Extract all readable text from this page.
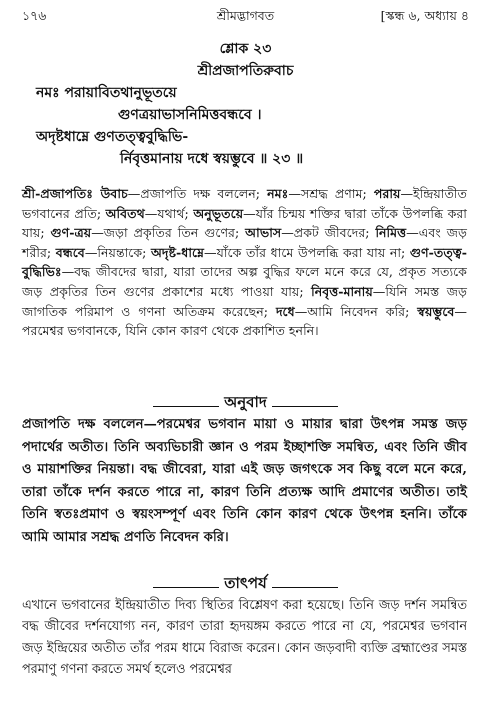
১৭৬	শ্রীমদ্ভাগবত	[স্কন্ধ ৬, অধ্যায় ৪
শ্লোক ২৩
শ্রীপ্রজাপতিরুবাচ
নমঃ পরায়াবিতথানুভূতয়ে
গুণত্রয়াভাসনিমিত্তবন্ধবে ।
অদৃষ্টধাম্নে গুণতত্ত্ববুদ্ধিভি-
র্নিবৃত্তমানায় দধে স্বয়ম্ভুবে ॥ ২৩ ॥
শ্রী-প্রজাপতিঃ উবাচ—প্রজাপতি দক্ষ বললেন; নমঃ—সশ্রদ্ধ প্রণাম; পরায়—ইন্দ্রিয়াতীত ভগবানের প্রতি; অবিতথ—যথার্থ; অনুভূতয়ে—যাঁর চিন্ময় শক্তির দ্বারা তাঁকে উপলব্ধি করা যায়; গুণ-ত্রয়—জড়া প্রকৃতির তিন গুণের; আভাস—প্রকট জীবদের; নিমিত্ত—এবং জড় শরীর; বন্ধবে—নিয়ন্তাকে; অদৃষ্ট-ধাম্নে—যাঁকে তাঁর ধামে উপলব্ধি করা যায় না; গুণ-তত্ত্ব-বুদ্ধিভিঃ—বদ্ধ জীবদের দ্বারা, যারা তাদের অল্প বুদ্ধির ফলে মনে করে যে, প্রকৃত সত্যকে জড় প্রকৃতির তিন গুণের প্রকাশের মধ্যে পাওয়া যায়; নিবৃত্ত-মানায়—যিনি সমস্ত জড় জাগতিক পরিমাপ ও গণনা অতিক্রম করেছেন; দধে—আমি নিবেদন করি; স্বয়ম্ভুবে—পরমেশ্বর ভগবানকে, যিনি কোন কারণ থেকে প্রকাশিত হননি।
অনুবাদ
প্রজাপতি দক্ষ বললেন—পরমেশ্বর ভগবান মায়া ও মায়ার দ্বারা উৎপন্ন সমস্ত জড় পদার্থের অতীত। তিনি অব্যভিচারী জ্ঞান ও পরম ইচ্ছাশক্তি সমন্বিত, এবং তিনি জীব ও মায়াশক্তির নিয়ন্তা। বদ্ধ জীবেরা, যারা এই জড় জগৎকে সব কিছু বলে মনে করে, তারা তাঁকে দর্শন করতে পারে না, কারণ তিনি প্রত্যক্ষ আদি প্রমাণের অতীত। তাই তিনি স্বতঃপ্রমাণ ও স্বয়ংসম্পূর্ণ এবং তিনি কোন কারণ থেকে উৎপন্ন হননি। তাঁকে আমি আমার সশ্রদ্ধ প্রণতি নিবেদন করি।
তাৎপর্য
এখানে ভগবানের ইন্দ্রিয়াতীত দিব্য স্থিতির বিশ্লেষণ করা হয়েছে। তিনি জড় দর্শন সমন্বিত বদ্ধ জীবের দর্শনযোগ্য নন, কারণ তারা হৃদয়ঙ্গম করতে পারে না যে, পরমেশ্বর ভগবান জড় ইন্দ্রিয়ের অতীত তাঁর পরম ধামে বিরাজ করেন। কোন জড়বাদী ব্যক্তি ব্রহ্মাণ্ডের সমস্ত পরমাণু গণনা করতে সমর্থ হলেও পরমেশ্বর
